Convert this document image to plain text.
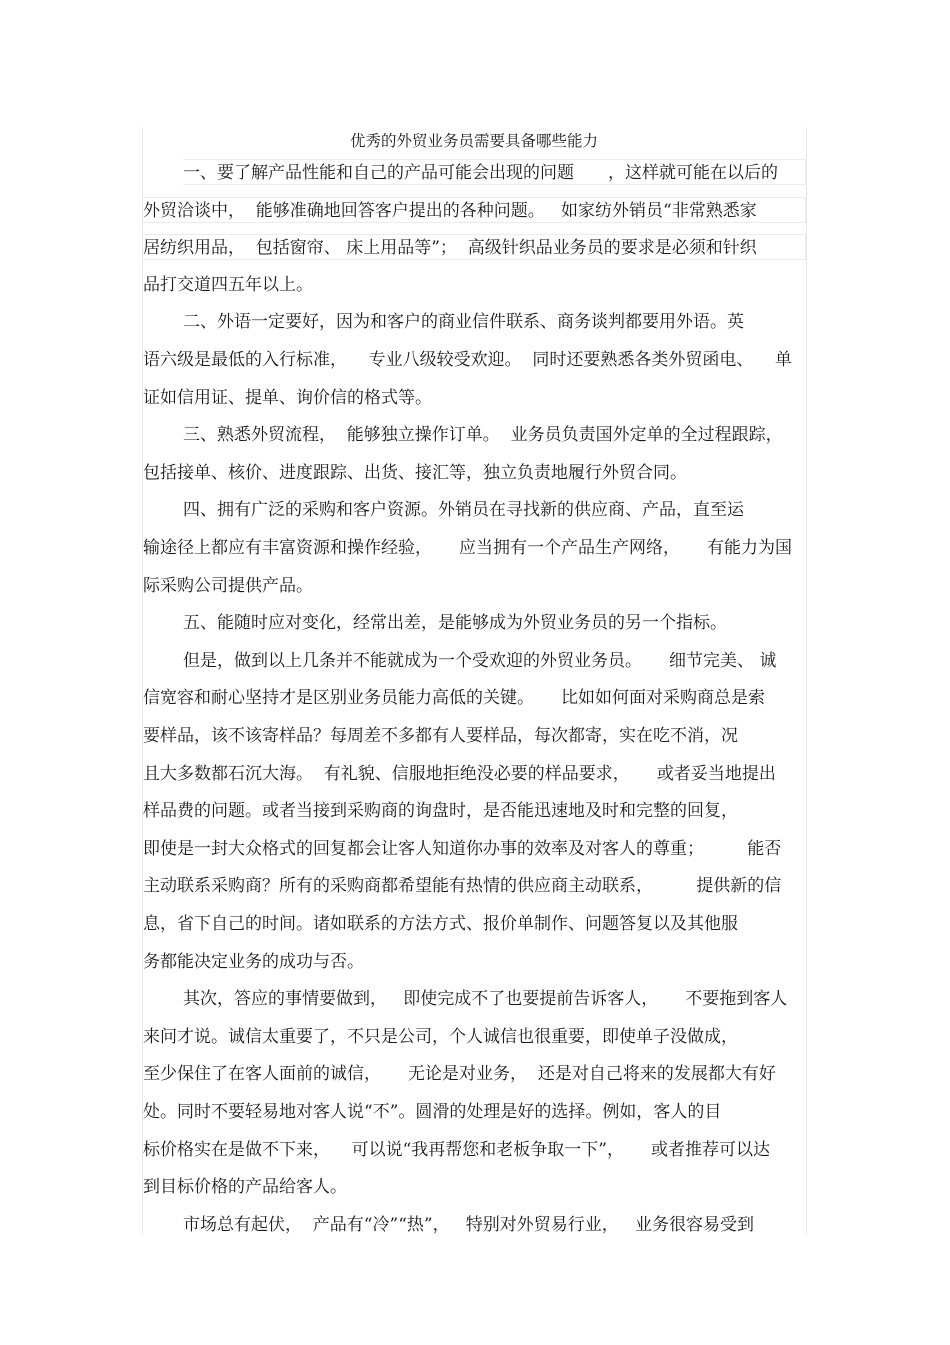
优秀的外贸业务员需要具备哪些能力
一、要了解产品性能和自己的产品可能会出现的问题　　，这样就可能在以后的
外贸洽谈中，  能够准确地回答客户提出的各种问题。   如家纺外销员“非常熟悉家
居纺织用品，  包括窗帘、 床上用品等”；  高级针织品业务员的要求是必须和针织
品打交道四五年以上。
二、外语一定要好，因为和客户的商业信件联系、商务谈判都要用外语。英
语六级是最低的入行标准，    专业八级较受欢迎。  同时还要熟悉各类外贸函电、    单
证如信用证、提单、询价信的格式等。
三、熟悉外贸流程，  能够独立操作订单。  业务员负责国外定单的全过程跟踪，
包括接单、核价、进度跟踪、出货、接汇等，独立负责地履行外贸合同。
四、拥有广泛的采购和客户资源。外销员在寻找新的供应商、产品，直至运
输途径上都应有丰富资源和操作经验，     应当拥有一个产品生产网络，     有能力为国
际采购公司提供产品。
五、能随时应对变化，经常出差，是能够成为外贸业务员的另一个指标。
但是，做到以上几条并不能就成为一个受欢迎的外贸业务员。     细节完美、 诚
信宽容和耐心坚持才是区别业务员能力高低的关键。     比如如何面对采购商总是索
要样品，该不该寄样品？每周差不多都有人要样品，每次都寄，实在吃不消，况
且大多数都石沉大海。  有礼貌、信服地拒绝没必要的样品要求，     或者妥当地提出
样品费的问题。或者当接到采购商的询盘时，是否能迅速地及时和完整的回复，
即使是一封大众格式的回复都会让客人知道你办事的效率及对客人的尊重；        能否
主动联系采购商？所有的采购商都希望能有热情的供应商主动联系，        提供新的信
息，省下自己的时间。诸如联系的方法方式、报价单制作、问题答复以及其他服
务都能决定业务的成功与否。
其次，答应的事情要做到，   即使完成不了也要提前告诉客人，     不要拖到客人
来问才说。诚信太重要了，不只是公司，个人诚信也很重要，即使单子没做成，
至少保住了在客人面前的诚信，     无论是对业务，  还是对自己将来的发展都大有好
处。同时不要轻易地对客人说“不”。圆滑的处理是好的选择。例如，客人的目
标价格实在是做不下来，    可以说“我再帮您和老板争取一下”，     或者推荐可以达
到目标价格的产品给客人。
市场总有起伏，  产品有“冷”“热”，   特别对外贸易行业，   业务很容易受到
